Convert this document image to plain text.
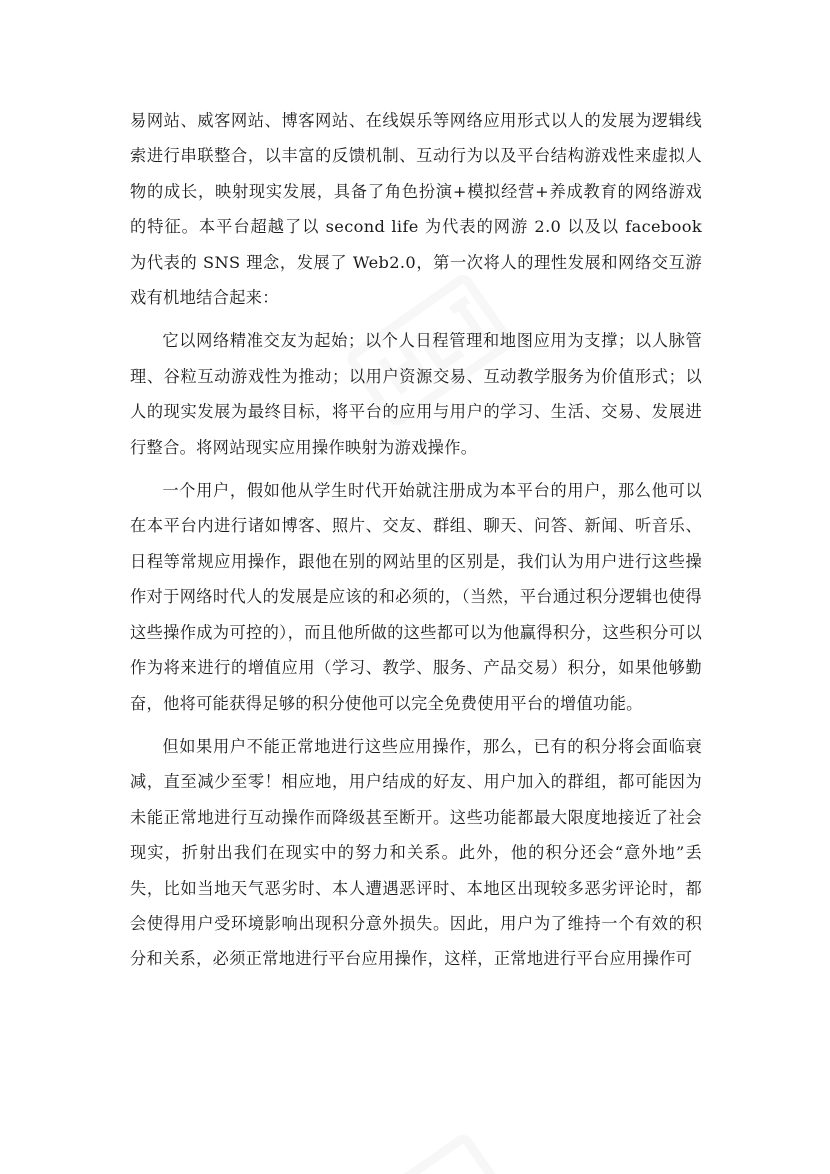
易网站、威客网站、博客网站、在线娱乐等网络应用形式以人的发展为逻辑线索进行串联整合，以丰富的反馈机制、互动行为以及平台结构游戏性来虚拟人物的成长，映射现实发展，具备了角色扮演+模拟经营+养成教育的网络游戏的特征。本平台超越了以 second life 为代表的网游 2.0 以及以 facebook 为代表的 SNS 理念，发展了 Web2.0，第一次将人的理性发展和网络交互游戏有机地结合起来：

它以网络精准交友为起始；以个人日程管理和地图应用为支撑；以人脉管理、谷粒互动游戏性为推动；以用户资源交易、互动教学服务为价值形式；以人的现实发展为最终目标，将平台的应用与用户的学习、生活、交易、发展进行整合。将网站现实应用操作映射为游戏操作。

一个用户，假如他从学生时代开始就注册成为本平台的用户，那么他可以在本平台内进行诸如博客、照片、交友、群组、聊天、问答、新闻、听音乐、日程等常规应用操作，跟他在别的网站里的区别是，我们认为用户进行这些操作对于网络时代人的发展是应该的和必须的，（当然，平台通过积分逻辑也使得这些操作成为可控的），而且他所做的这些都可以为他赢得积分，这些积分可以作为将来进行的增值应用（学习、教学、服务、产品交易）积分，如果他够勤奋，他将可能获得足够的积分使他可以完全免费使用平台的增值功能。

但如果用户不能正常地进行这些应用操作，那么，已有的积分将会面临衰减，直至减少至零！相应地，用户结成的好友、用户加入的群组，都可能因为未能正常地进行互动操作而降级甚至断开。这些功能都最大限度地接近了社会现实，折射出我们在现实中的努力和关系。此外，他的积分还会“意外地”丢失，比如当地天气恶劣时、本人遭遇恶评时、本地区出现较多恶劣评论时，都会使得用户受环境影响出现积分意外损失。因此，用户为了维持一个有效的积分和关系，必须正常地进行平台应用操作，这样，正常地进行平台应用操作可
